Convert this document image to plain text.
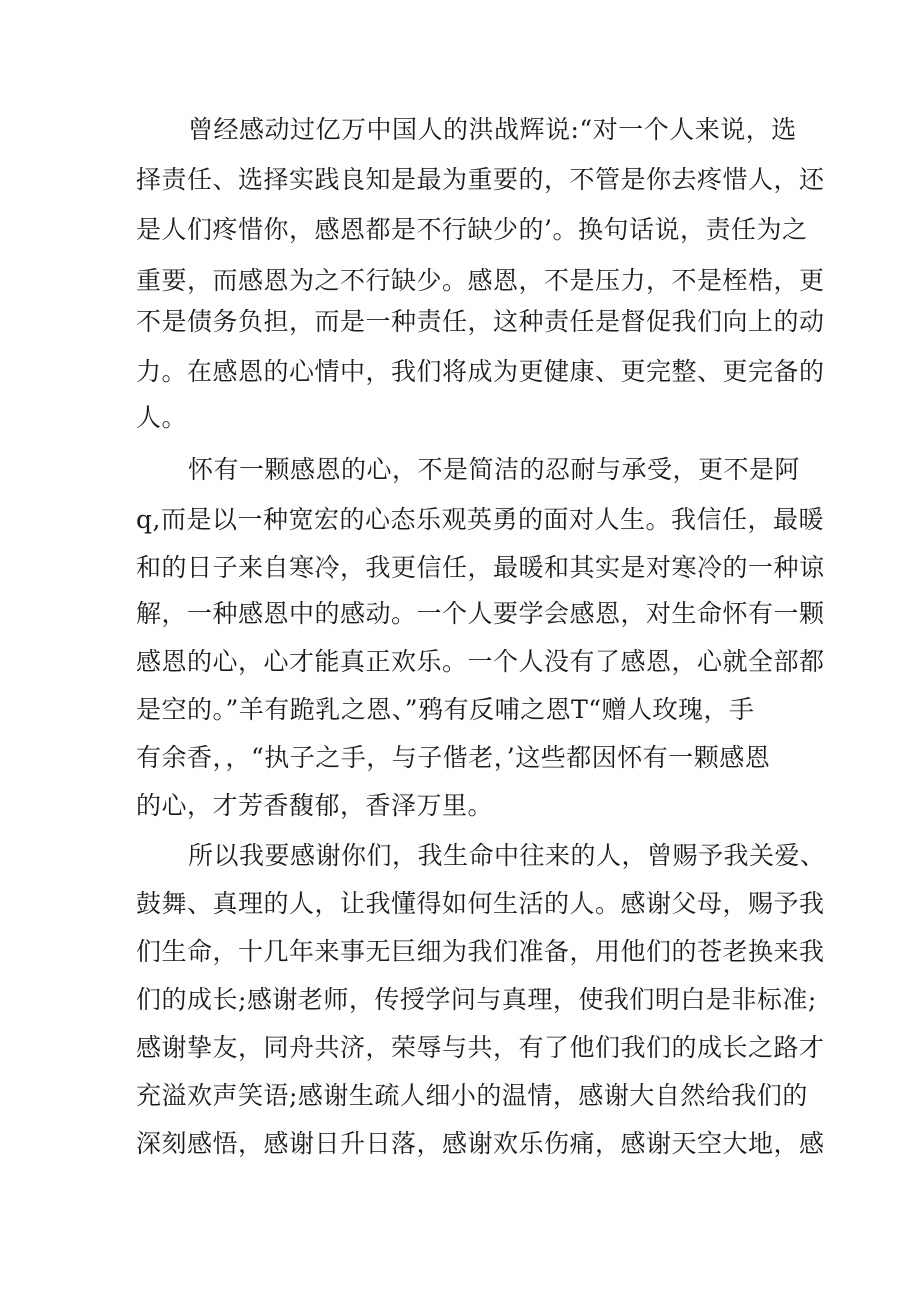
曾经感动过亿万中国人的洪战辉说:“对一个人来说，选
择责任、选择实践良知是最为重要的，不管是你去疼惜人，还
是人们疼惜你，感恩都是不行缺少的’。换句话说，责任为之
重要，而感恩为之不行缺少。感恩，不是压力，不是桎梏，更
不是债务负担，而是一种责任，这种责任是督促我们向上的动
力。在感恩的心情中，我们将成为更健康、更完整、更完备的
人。
怀有一颗感恩的心，不是简洁的忍耐与承受，更不是阿
q,而是以一种宽宏的心态乐观英勇的面对人生。我信任，最暖
和的日子来自寒冷，我更信任，最暖和其实是对寒冷的一种谅
解，一种感恩中的感动。一个人要学会感恩，对生命怀有一颗
感恩的心，心才能真正欢乐。一个人没有了感恩，心就全部都
是空的。”羊有跪乳之恩、”鸦有反哺之恩T“赠人玫瑰，手
有余香，，“执子之手，与子偕老，’这些都因怀有一颗感恩
的心，才芳香馥郁，香泽万里。
所以我要感谢你们，我生命中往来的人，曾赐予我关爱、
鼓舞、真理的人，让我懂得如何生活的人。感谢父母，赐予我
们生命，十几年来事无巨细为我们准备，用他们的苍老换来我
们的成长;感谢老师，传授学问与真理，使我们明白是非标准;
感谢挚友，同舟共济，荣辱与共，有了他们我们的成长之路才
充溢欢声笑语;感谢生疏人细小的温情，感谢大自然给我们的
深刻感悟，感谢日升日落，感谢欢乐伤痛，感谢天空大地，感
